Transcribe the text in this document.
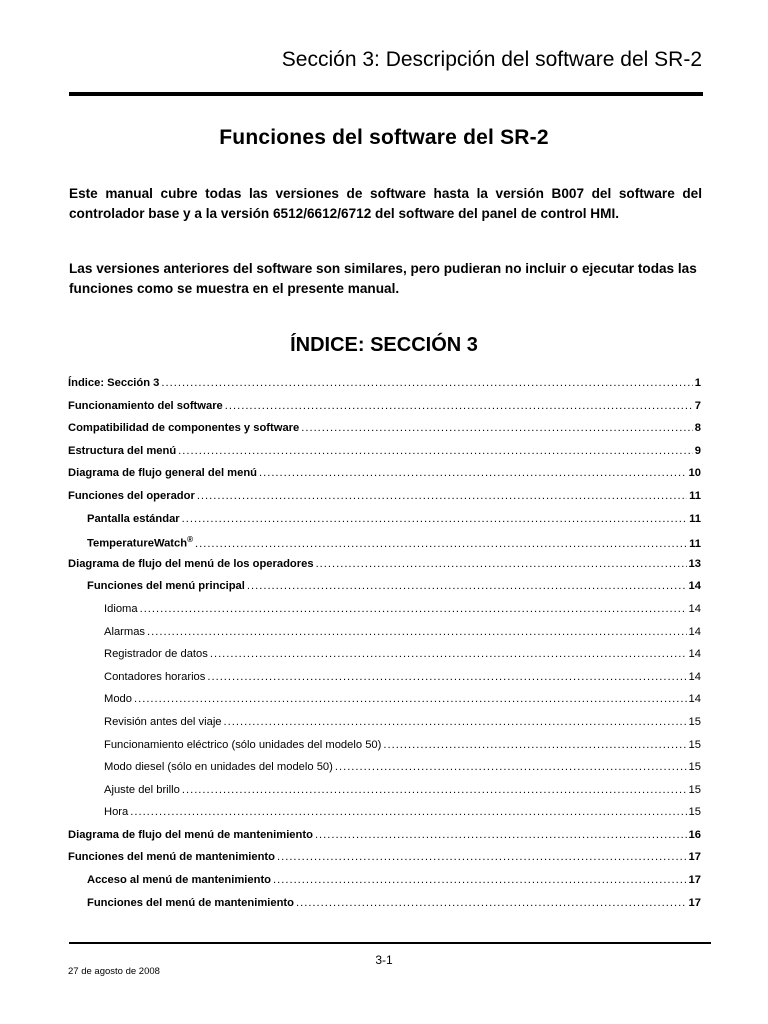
Sección 3: Descripción del software del SR-2
Funciones del software del SR-2
Este manual cubre todas las versiones de software hasta la versión B007 del software del controlador base y a la versión 6512/6612/6712 del software del panel de control HMI.
Las versiones anteriores del software son similares, pero pudieran no incluir o ejecutar todas las funciones como se muestra en el presente manual.
ÍNDICE: SECCIÓN 3
Índice: Sección 3 .....	1
Funcionamiento del software .....	7
Compatibilidad de componentes y software .....	8
Estructura del menú .....	9
Diagrama de flujo general del menú .....	10
Funciones del operador .....	11
Pantalla estándar .....	11
TemperatureWatch® .....	11
Diagrama de flujo del menú de los operadores .....	13
Funciones del menú principal .....	14
Idioma .....	14
Alarmas .....	14
Registrador de datos .....	14
Contadores horarios .....	14
Modo .....	14
Revisión antes del viaje .....	15
Funcionamiento eléctrico (sólo unidades del modelo 50) .....	15
Modo diesel (sólo en unidades del modelo 50) .....	15
Ajuste del brillo .....	15
Hora .....	15
Diagrama de flujo del menú de mantenimiento .....	16
Funciones del menú de mantenimiento .....	17
Acceso al menú de mantenimiento .....	17
Funciones del menú de mantenimiento .....	17
3-1
27 de agosto de 2008
